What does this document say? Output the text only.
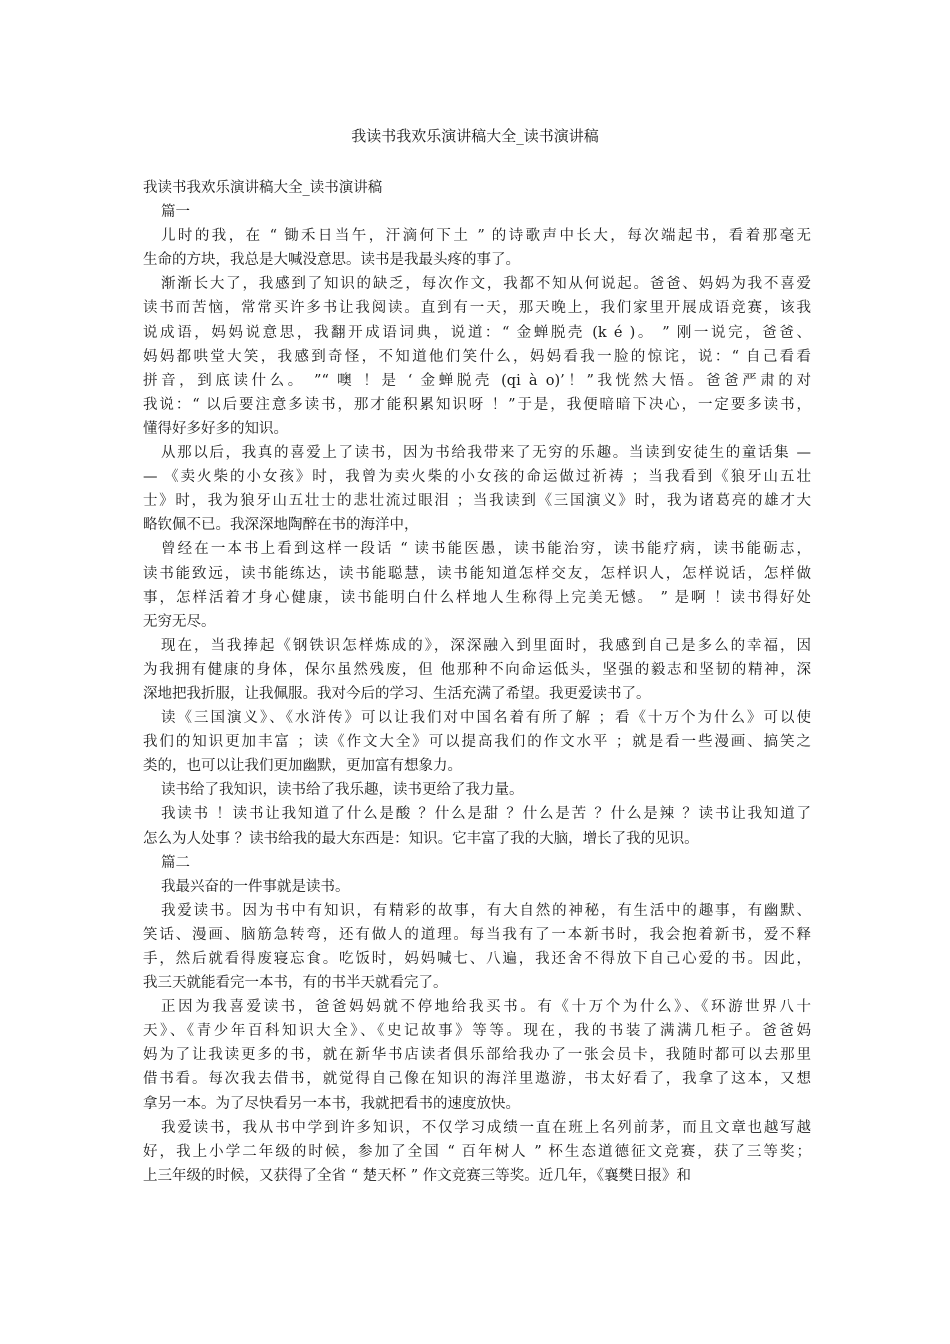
我读书我欢乐演讲稿大全_读书演讲稿
我读书我欢乐演讲稿大全_读书演讲稿
篇一
儿时的我，在 “ 锄禾日当午，汗滴何下土 ” 的诗歌声中长大，每次端起书，看着那毫无
生命的方块，我总是大喊没意思。读书是我最头疼的事了。
渐渐长大了，我感到了知识的缺乏，每次作文，我都不知从何说起。爸爸、妈妈为我不喜爱
读书而苦恼，常常买许多书让我阅读。直到有一天，那天晚上，我们家里开展成语竞赛，该我
说成语，妈妈说意思，我翻开成语词典，说道：“ 金蝉脱壳 (k é )。 ” 刚一说完，爸爸、
妈妈都哄堂大笑，我感到奇怪，不知道他们笑什么，妈妈看我一脸的惊诧，说：“ 自己看看
拼音，到底读什么。 ”“ 噢 ！是 ‘ 金蝉脱壳 (qi à o)’！”我恍然大悟。爸爸严肃的对
我说：“ 以后要注意多读书，那才能积累知识呀 ！”于是，我便暗暗下决心，一定要多读书，
懂得好多好多的知识。
从那以后，我真的喜爱上了读书，因为书给我带来了无穷的乐趣。当读到安徒生的童话集 —
— 《卖火柴的小女孩》时，我曾为卖火柴的小女孩的命运做过祈祷 ；当我看到《狼牙山五壮
士》时，我为狼牙山五壮士的悲壮流过眼泪 ；当我读到《三国演义》时，我为诸葛亮的雄才大
略钦佩不已。我深深地陶醉在书的海洋中，
曾经在一本书上看到这样一段话 “ 读书能医愚，读书能治穷，读书能疗病，读书能砺志，
读书能致远，读书能练达，读书能聪慧，读书能知道怎样交友，怎样识人，怎样说话，怎样做
事，怎样活着才身心健康，读书能明白什么样地人生称得上完美无憾。 ” 是啊 ！读书得好处
无穷无尽。
现在，当我捧起《钢铁识怎样炼成的》，深深融入到里面时，我感到自己是多么的幸福，因
为我拥有健康的身体，保尔虽然残废，但 他那种不向命运低头，坚强的毅志和坚韧的精神，深
深地把我折服，让我佩服。我对今后的学习、生活充满了希望。我更爱读书了。
读《三国演义》、《水浒传》可以让我们对中国名着有所了解 ；看《十万个为什么》可以使
我们的知识更加丰富 ；读《作文大全》可以提高我们的作文水平 ；就是看一些漫画、搞笑之
类的，也可以让我们更加幽默，更加富有想象力。
读书给了我知识，读书给了我乐趣，读书更给了我力量。
我读书 ！读书让我知道了什么是酸 ？什么是甜 ？什么是苦 ？什么是辣 ？读书让我知道了
怎么为人处事 ？读书给我的最大东西是：知识。它丰富了我的大脑，增长了我的见识。
篇二
我最兴奋的一件事就是读书。
我爱读书。因为书中有知识，有精彩的故事，有大自然的神秘，有生活中的趣事，有幽默、
笑话、漫画、脑筋急转弯，还有做人的道理。每当我有了一本新书时，我会抱着新书，爱不释
手，然后就看得废寝忘食。吃饭时，妈妈喊七、八遍，我还舍不得放下自己心爱的书。因此，
我三天就能看完一本书，有的书半天就看完了。
正因为我喜爱读书，爸爸妈妈就不停地给我买书。有《十万个为什么》、《环游世界八十
天》、《青少年百科知识大全》、《史记故事》等等。现在，我的书装了满满几柜子。爸爸妈
妈为了让我读更多的书，就在新华书店读者俱乐部给我办了一张会员卡，我随时都可以去那里
借书看。每次我去借书，就觉得自己像在知识的海洋里遨游，书太好看了，我拿了这本，又想
拿另一本。为了尽快看另一本书，我就把看书的速度放快。
我爱读书，我从书中学到许多知识，不仅学习成绩一直在班上名列前茅，而且文章也越写越
好，我上小学二年级的时候，参加了全国 “ 百年树人 ” 杯生态道德征文竞赛，获了三等奖；
上三年级的时候，又获得了全省 “ 楚天杯 ” 作文竞赛三等奖。近几年，《襄樊日报》和
